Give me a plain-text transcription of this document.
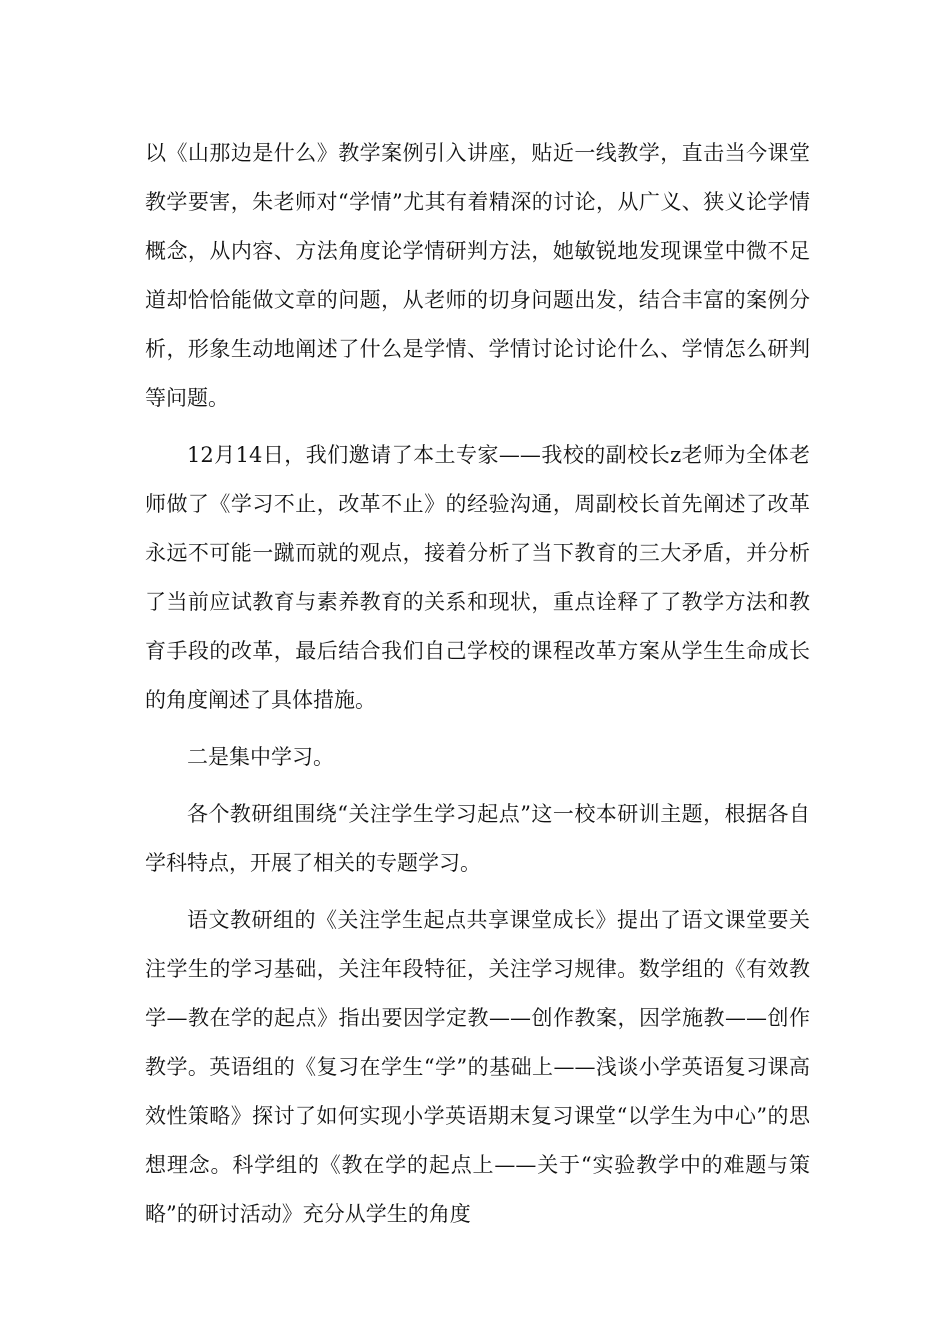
以《山那边是什么》教学案例引入讲座，贴近一线教学，直击当今课堂教学要害，朱老师对“学情”尤其有着精深的讨论，从广义、狭义论学情概念，从内容、方法角度论学情研判方法，她敏锐地发现课堂中微不足道却恰恰能做文章的问题，从老师的切身问题出发，结合丰富的案例分析，形象生动地阐述了什么是学情、学情讨论讨论什么、学情怎么研判等问题。

12月14日，我们邀请了本土专家——我校的副校长z老师为全体老师做了《学习不止，改革不止》的经验沟通，周副校长首先阐述了改革永远不可能一蹴而就的观点，接着分析了当下教育的三大矛盾，并分析了当前应试教育与素养教育的关系和现状，重点诠释了了教学方法和教育手段的改革，最后结合我们自己学校的课程改革方案从学生生命成长的角度阐述了具体措施。

二是集中学习。

各个教研组围绕“关注学生学习起点”这一校本研训主题，根据各自学科特点，开展了相关的专题学习。

语文教研组的《关注学生起点共享课堂成长》提出了语文课堂要关注学生的学习基础，关注年段特征，关注学习规律。数学组的《有效教学—教在学的起点》指出要因学定教——创作教案，因学施教——创作教学。英语组的《复习在学生“学”的基础上——浅谈小学英语复习课高效性策略》探讨了如何实现小学英语期末复习课堂“以学生为中心”的思想理念。科学组的《教在学的起点上——关于“实验教学中的难题与策略”的研讨活动》充分从学生的角度
